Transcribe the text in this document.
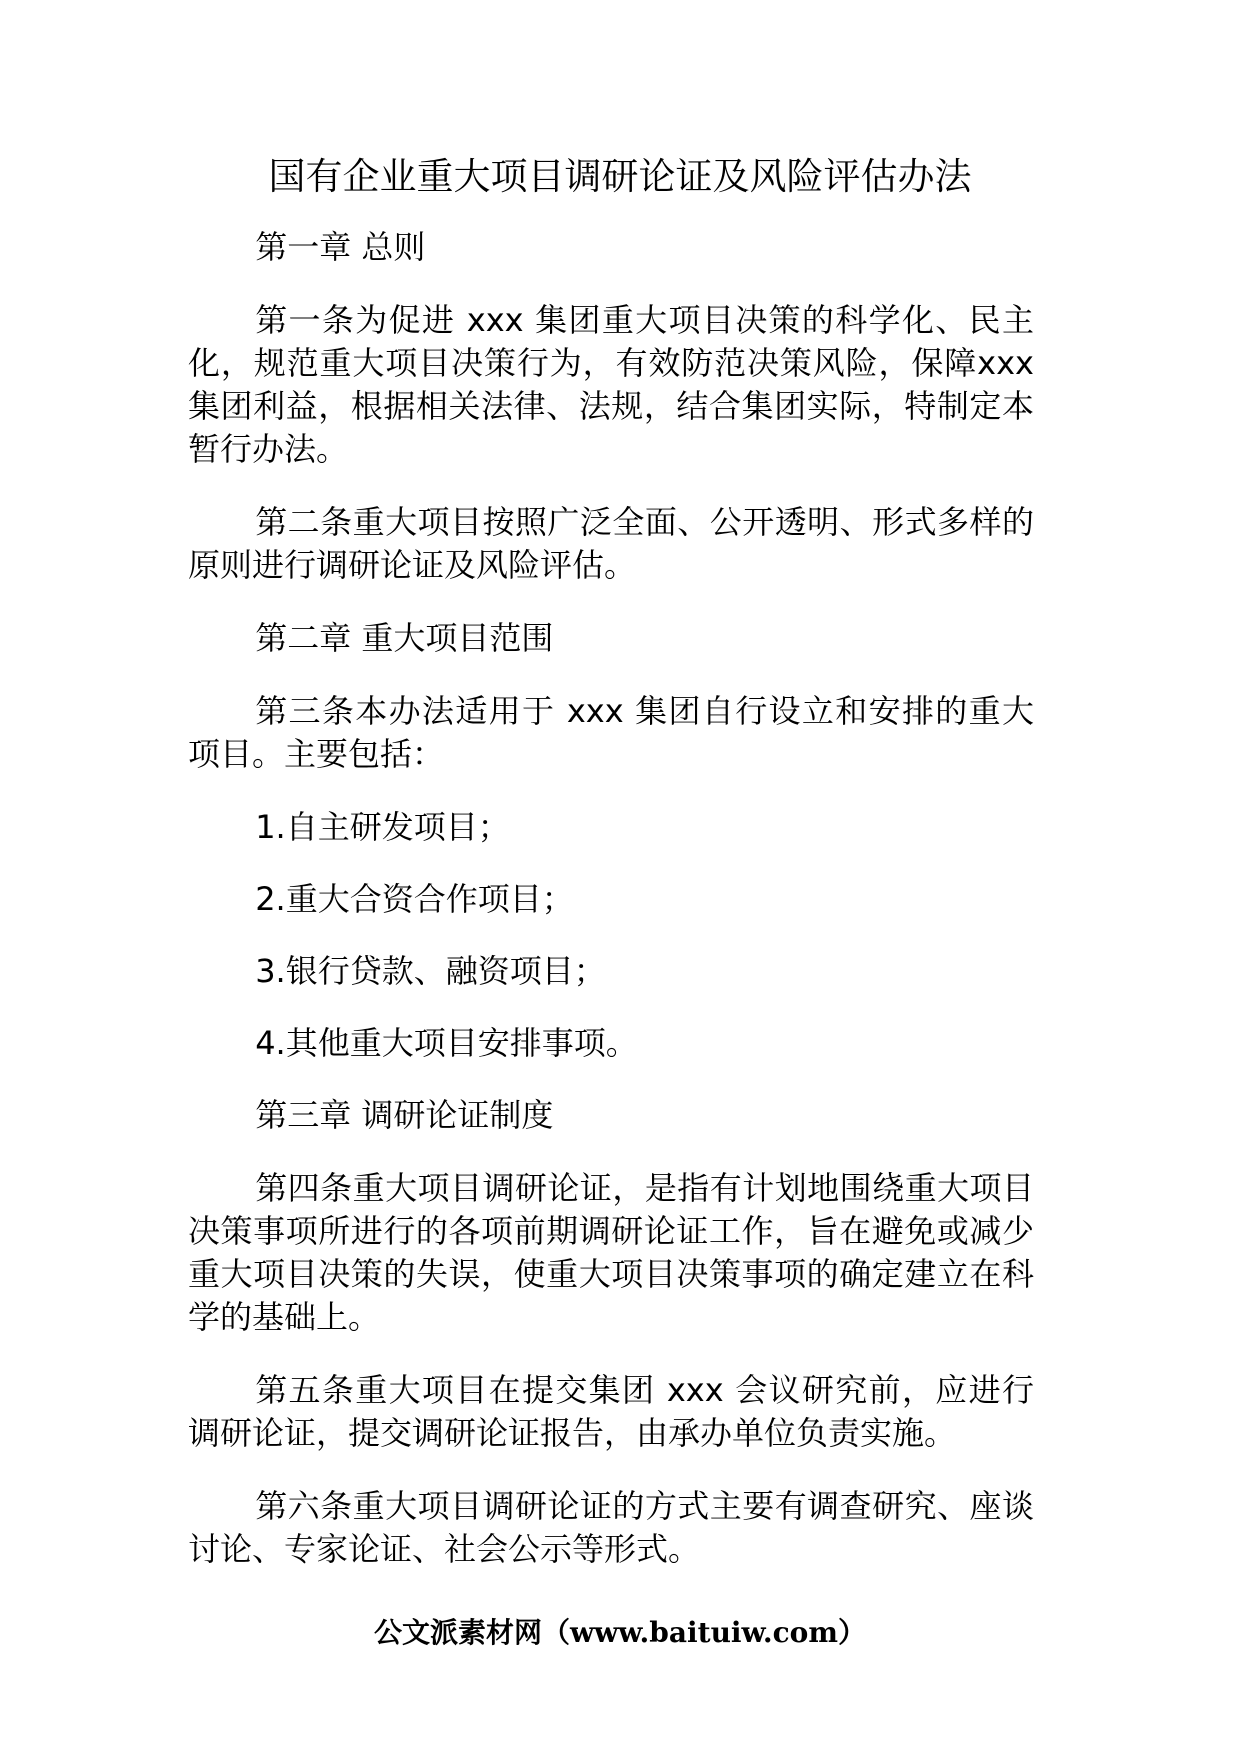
国有企业重大项目调研论证及风险评估办法

第一章 总则

第一条为促进 xxx 集团重大项目决策的科学化、民主化，规范重大项目决策行为，有效防范决策风险，保障xxx 集团利益，根据相关法律、法规，结合集团实际，特制定本暂行办法。

第二条重大项目按照广泛全面、公开透明、形式多样的原则进行调研论证及风险评估。

第二章 重大项目范围

第三条本办法适用于 xxx 集团自行设立和安排的重大项目。主要包括：

1.自主研发项目；

2.重大合资合作项目；

3.银行贷款、融资项目；

4.其他重大项目安排事项。

第三章 调研论证制度

第四条重大项目调研论证，是指有计划地围绕重大项目决策事项所进行的各项前期调研论证工作，旨在避免或减少重大项目决策的失误，使重大项目决策事项的确定建立在科学的基础上。

第五条重大项目在提交集团 xxx 会议研究前，应进行调研论证，提交调研论证报告，由承办单位负责实施。

第六条重大项目调研论证的方式主要有调查研究、座谈讨论、专家论证、社会公示等形式。

公文派素材网（www.baituiw.com）
